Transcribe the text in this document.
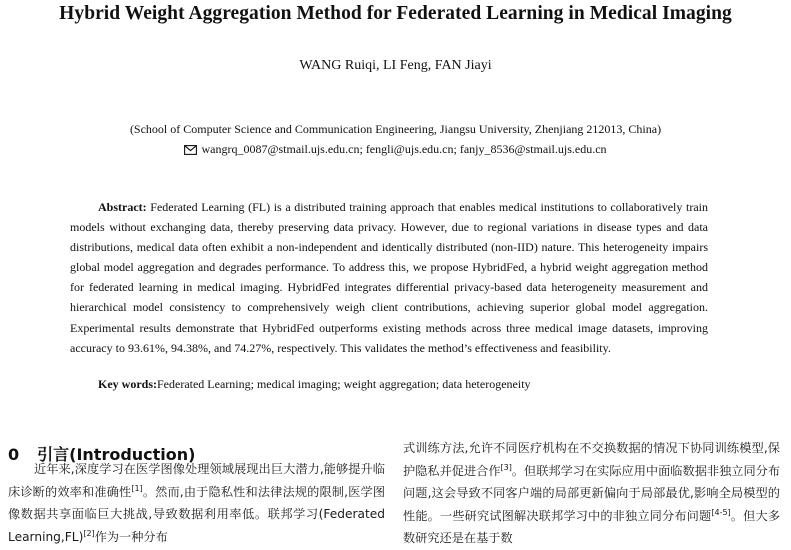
Hybrid Weight Aggregation Method for Federated Learning in Medical Imaging
WANG Ruiqi, LI Feng, FAN Jiayi
(School of Computer Science and Communication Engineering, Jiangsu University, Zhenjiang 212013, China)
wangrq_0087@stmail.ujs.edu.cn; fengli@ujs.edu.cn; fanjy_8536@stmail.ujs.edu.cn
Abstract: Federated Learning (FL) is a distributed training approach that enables medical institutions to collaboratively train models without exchanging data, thereby preserving data privacy. However, due to regional variations in disease types and data distributions, medical data often exhibit a non-independent and identically distributed (non-IID) nature. This heterogeneity impairs global model aggregation and degrades performance. To address this, we propose HybridFed, a hybrid weight aggregation method for federated learning in medical imaging. HybridFed integrates differential privacy-based data heterogeneity measurement and hierarchical model consistency to comprehensively weigh client contributions, achieving superior global model aggregation. Experimental results demonstrate that HybridFed outperforms existing methods across three medical image datasets, improving accuracy to 93.61%, 94.38%, and 74.27%, respectively. This validates the method’s effectiveness and feasibility.
Key words:Federated Learning; medical imaging; weight aggregation; data heterogeneity
0 引言(Introduction)
近年来,深度学习在医学图像处理领域展现出巨大潜力,能够提升临床诊断的效率和准确性[1]。然而,由于隐私性和法律法规的限制,医学图像数据共享面临巨大挑战,导致数据利用率低。联邦学习(Federated Learning,FL)[2]作为一种分布
式训练方法,允许不同医疗机构在不交换数据的情况下协同训练模型,保护隐私并促进合作[3]。但联邦学习在实际应用中面临数据非独立同分布问题,这会导致不同客户端的局部更新偏向于局部最优,影响全局模型的性能。一些研究试图解决联邦学习中的非独立同分布问题[4-5]。但大多数研究还是在基于数
